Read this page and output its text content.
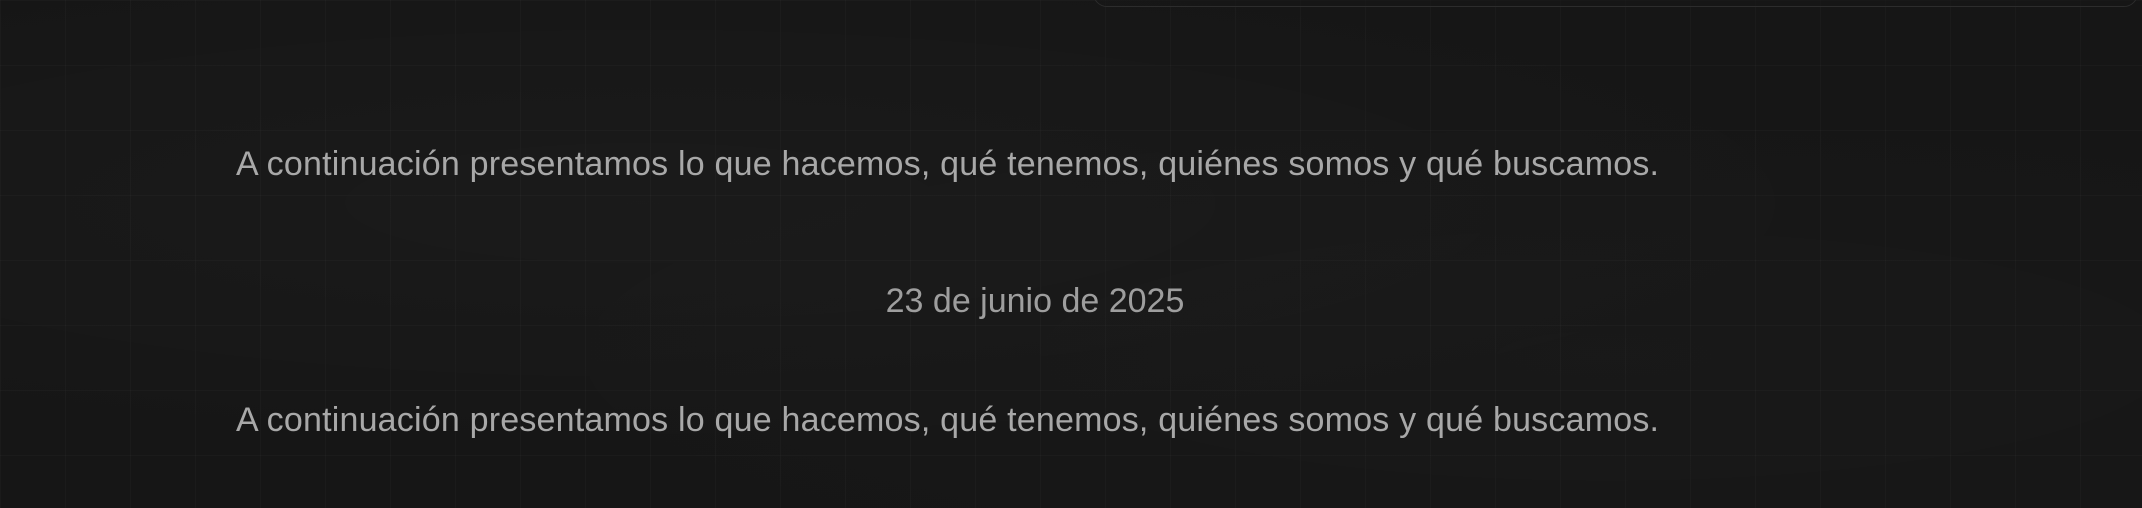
A continuación presentamos lo que hacemos, qué tenemos, quiénes somos y qué buscamos.

23 de junio de 2025

A continuación presentamos lo que hacemos, qué tenemos, quiénes somos y qué buscamos.
